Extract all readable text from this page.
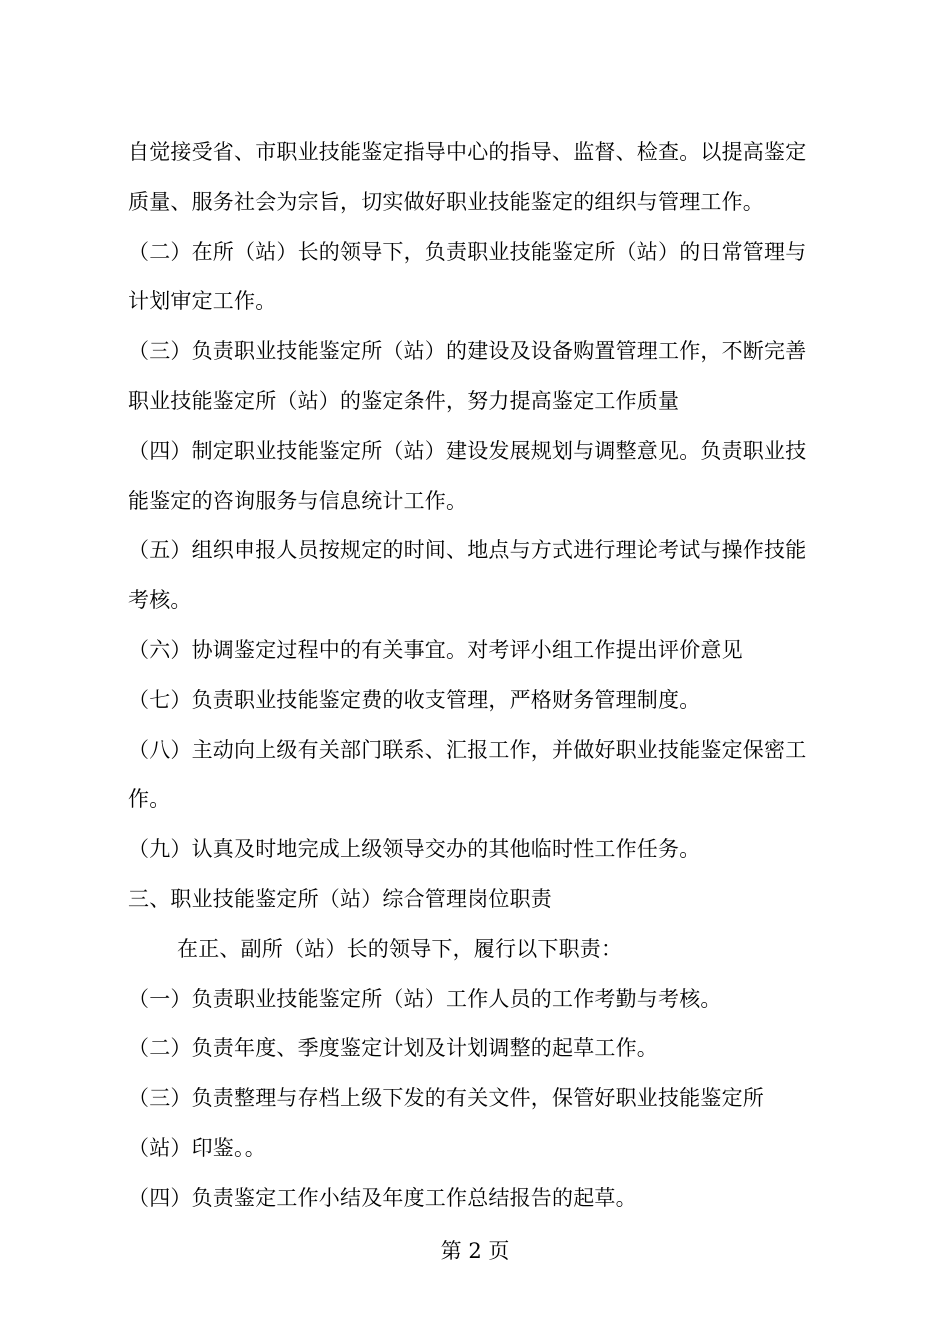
自觉接受省、市职业技能鉴定指导中心的指导、监督、检查。以提高鉴定
质量、服务社会为宗旨，切实做好职业技能鉴定的组织与管理工作。
（二）在所（站）长的领导下，负责职业技能鉴定所（站）的日常管理与
计划审定工作。
（三）负责职业技能鉴定所（站）的建设及设备购置管理工作，不断完善
职业技能鉴定所（站）的鉴定条件，努力提高鉴定工作质量
（四）制定职业技能鉴定所（站）建设发展规划与调整意见。负责职业技
能鉴定的咨询服务与信息统计工作。
（五）组织申报人员按规定的时间、地点与方式进行理论考试与操作技能
考核。
（六）协调鉴定过程中的有关事宜。对考评小组工作提出评价意见
（七）负责职业技能鉴定费的收支管理，严格财务管理制度。
（八）主动向上级有关部门联系、汇报工作，并做好职业技能鉴定保密工
作。
（九）认真及时地完成上级领导交办的其他临时性工作任务。
三、职业技能鉴定所（站）综合管理岗位职责
在正、副所（站）长的领导下，履行以下职责：
（一）负责职业技能鉴定所（站）工作人员的工作考勤与考核。
（二）负责年度、季度鉴定计划及计划调整的起草工作。
（三）负责整理与存档上级下发的有关文件，保管好职业技能鉴定所
（站）印鉴。。
（四）负责鉴定工作小结及年度工作总结报告的起草。
第 2 页
